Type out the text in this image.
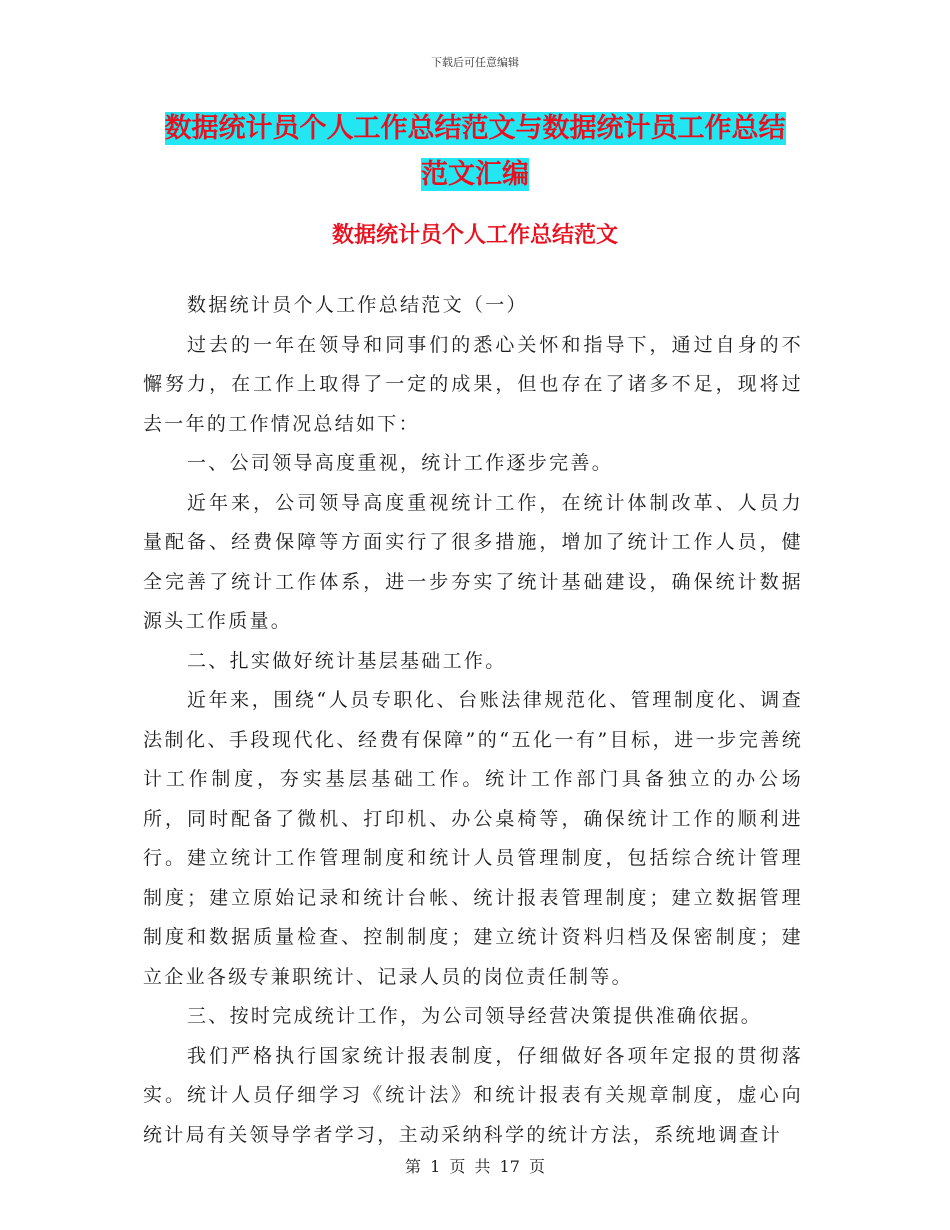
下载后可任意编辑
数据统计员个人工作总结范文与数据统计员工作总结
范文汇编
数据统计员个人工作总结范文

数据统计员个人工作总结范文（一）

过去的一年在领导和同事们的悉心关怀和指导下，通过自身的不懈努力，在工作上取得了一定的成果，但也存在了诸多不足，现将过去一年的工作情况总结如下：

一、公司领导高度重视，统计工作逐步完善。

近年来，公司领导高度重视统计工作，在统计体制改革、人员力量配备、经费保障等方面实行了很多措施，增加了统计工作人员，健全完善了统计工作体系，进一步夯实了统计基础建设，确保统计数据源头工作质量。

二、扎实做好统计基层基础工作。

近年来，围绕“人员专职化、台账法律规范化、管理制度化、调查法制化、手段现代化、经费有保障”的“五化一有”目标，进一步完善统计工作制度，夯实基层基础工作。统计工作部门具备独立的办公场所，同时配备了微机、打印机、办公桌椅等，确保统计工作的顺利进行。建立统计工作管理制度和统计人员管理制度，包括综合统计管理制度；建立原始记录和统计台帐、统计报表管理制度；建立数据管理制度和数据质量检查、控制制度；建立统计资料归档及保密制度；建立企业各级专兼职统计、记录人员的岗位责任制等。

三、按时完成统计工作，为公司领导经营决策提供准确依据。

我们严格执行国家统计报表制度，仔细做好各项年定报的贯彻落实。统计人员仔细学习《统计法》和统计报表有关规章制度，虚心向统计局有关领导学者学习，主动采纳科学的统计方法，系统地调查计

第 1 页 共 17 页
